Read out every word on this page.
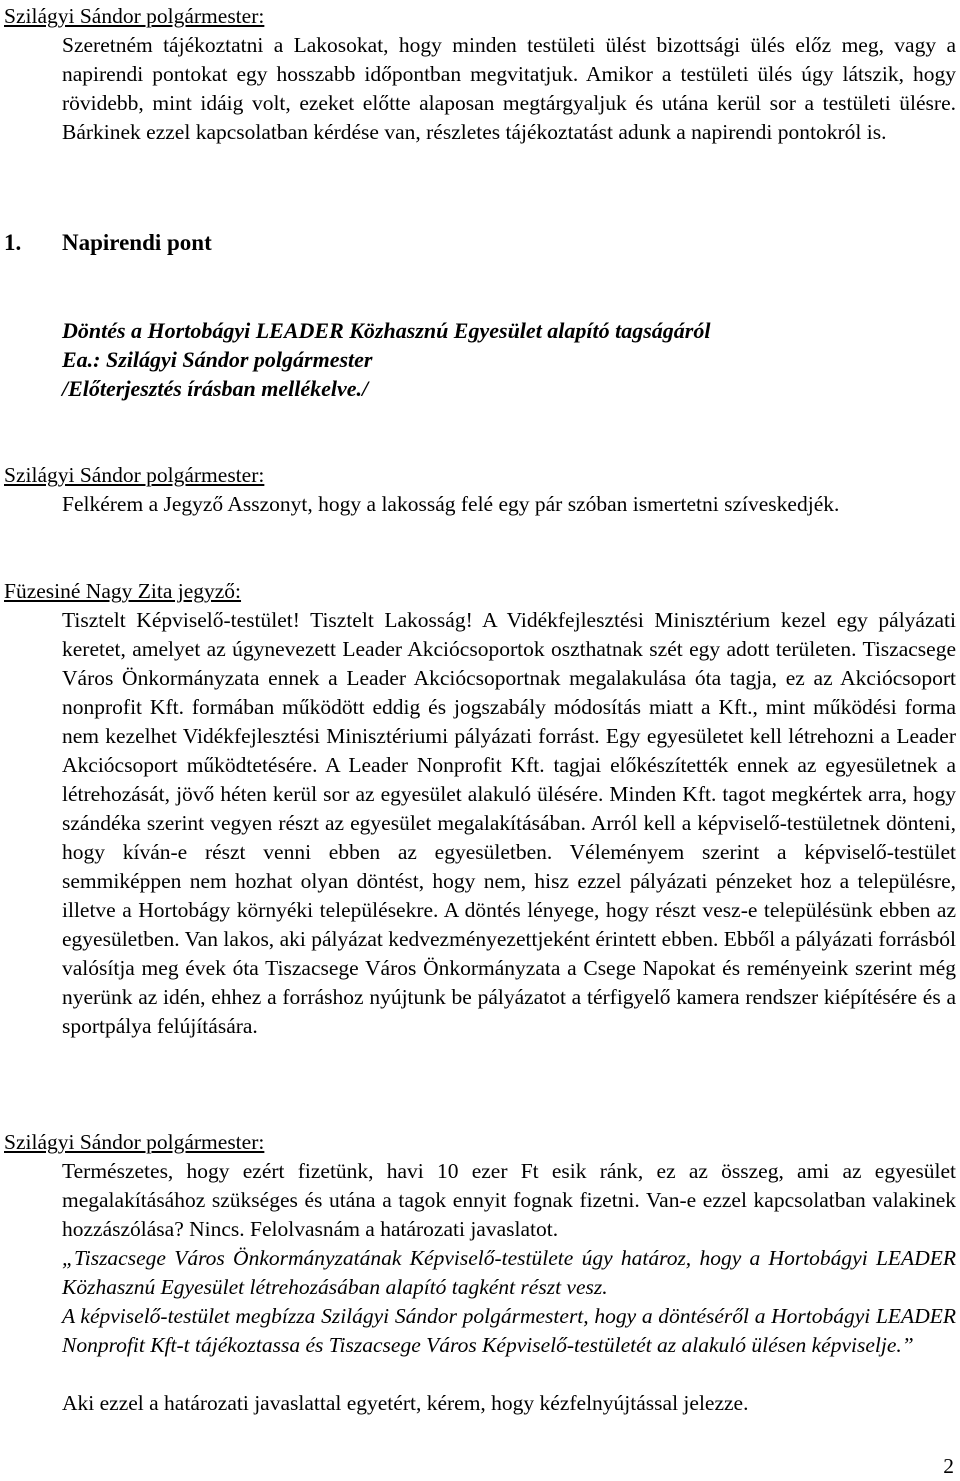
Szilágyi Sándor polgármester:
Szeretném tájékoztatni a Lakosokat, hogy minden testületi ülést bizottsági ülés előz meg, vagy a napirendi pontokat egy hosszabb időpontban megvitatjuk. Amikor a testületi ülés úgy látszik, hogy rövidebb, mint idáig volt, ezeket előtte alaposan megtárgyaljuk és utána kerül sor a testületi ülésre. Bárkinek ezzel kapcsolatban kérdése van, részletes tájékoztatást adunk a napirendi pontokról is.
1. Napirendi pont
Döntés a Hortobágyi LEADER Közhasznú Egyesület alapító tagságáról
Ea.: Szilágyi Sándor polgármester
/Előterjesztés írásban mellékelve./
Szilágyi Sándor polgármester:
Felkérem a Jegyző Asszonyt, hogy a lakosság felé egy pár szóban ismertetni szíveskedjék.
Füzesiné Nagy Zita jegyző:
Tisztelt Képviselő-testület! Tisztelt Lakosság! A Vidékfejlesztési Minisztérium kezel egy pályázati keretet, amelyet az úgynevezett Leader Akciócsoportok oszthatnak szét egy adott területen. Tiszacsege Város Önkormányzata ennek a Leader Akciócsoportnak megalakulása óta tagja, ez az Akciócsoport nonprofit Kft. formában működött eddig és jogszabály módosítás miatt a Kft., mint működési forma nem kezelhet Vidékfejlesztési Minisztériumi pályázati forrást. Egy egyesületet kell létrehozni a Leader Akciócsoport működtetésére. A Leader Nonprofit Kft. tagjai előkészítették ennek az egyesületnek a létrehozását, jövő héten kerül sor az egyesület alakuló ülésére. Minden Kft. tagot megkértek arra, hogy szándéka szerint vegyen részt az egyesület megalakításában. Arról kell a képviselő-testületnek dönteni, hogy kíván-e részt venni ebben az egyesületben. Véleményem szerint a képviselő-testület semmiképpen nem hozhat olyan döntést, hogy nem, hisz ezzel pályázati pénzeket hoz a településre, illetve a Hortobágy környéki településekre. A döntés lényege, hogy részt vesz-e településünk ebben az egyesületben. Van lakos, aki pályázat kedvezményezettjeként érintett ebben. Ebből a pályázati forrásból valósítja meg évek óta Tiszacsege Város Önkormányzata a Csege Napokat és reményeink szerint még nyerünk az idén, ehhez a forráshoz nyújtunk be pályázatot a térfigyelő kamera rendszer kiépítésére és a sportpálya felújítására.
Szilágyi Sándor polgármester:
Természetes, hogy ezért fizetünk, havi 10 ezer Ft esik ránk, ez az összeg, ami az egyesület megalakításához szükséges és utána a tagok ennyit fognak fizetni. Van-e ezzel kapcsolatban valakinek hozzászólása? Nincs. Felolvasnám a határozati javaslatot.
„Tiszacsege Város Önkormányzatának Képviselő-testülete úgy határoz, hogy a Hortobágyi LEADER Közhasznú Egyesület létrehozásában alapító tagként részt vesz.
A képviselő-testület megbízza Szilágyi Sándor polgármestert, hogy a döntéséről a Hortobágyi LEADER Nonprofit Kft-t tájékoztassa és Tiszacsege Város Képviselő-testületét az alakuló ülésen képviselje.”
Aki ezzel a határozati javaslattal egyetért, kérem, hogy kézfelnyújtással jelezze.
2
